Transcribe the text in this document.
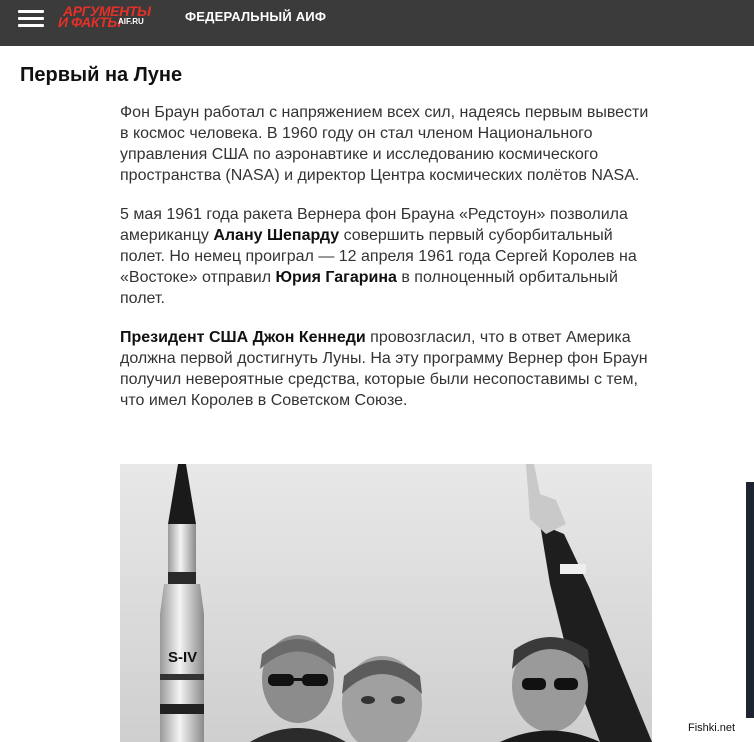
АРГУМЕНТЫ
И ФАКТЫ
AIF.RU	ФЕДЕРАЛЬНЫЙ АИФ
Первый на Луне

Фон Браун работал с напряжением всех сил, надеясь первым вывести в космос человека. В 1960 году он стал членом Национального управления США по аэронавтике и исследованию космического пространства (NASA) и директор Центра космических полётов NASA.

5 мая 1961 года ракета Вернера фон Брауна «Редстоун» позволила американцу Алану Шепарду совершить первый суборбитальный полет. Но немец проиграл — 12 апреля 1961 года Сергей Королев на «Востоке» отправил Юрия Гагарина в полноценный орбитальный полет.

Президент США Джон Кеннеди провозгласил, что в ответ Америка должна первой достигнуть Луны. На эту программу Вернер фон Браун получил невероятные средства, которые были несопоставимы с тем, что имел Королев в Советском Союзе.

S-IV
Fishki.net
